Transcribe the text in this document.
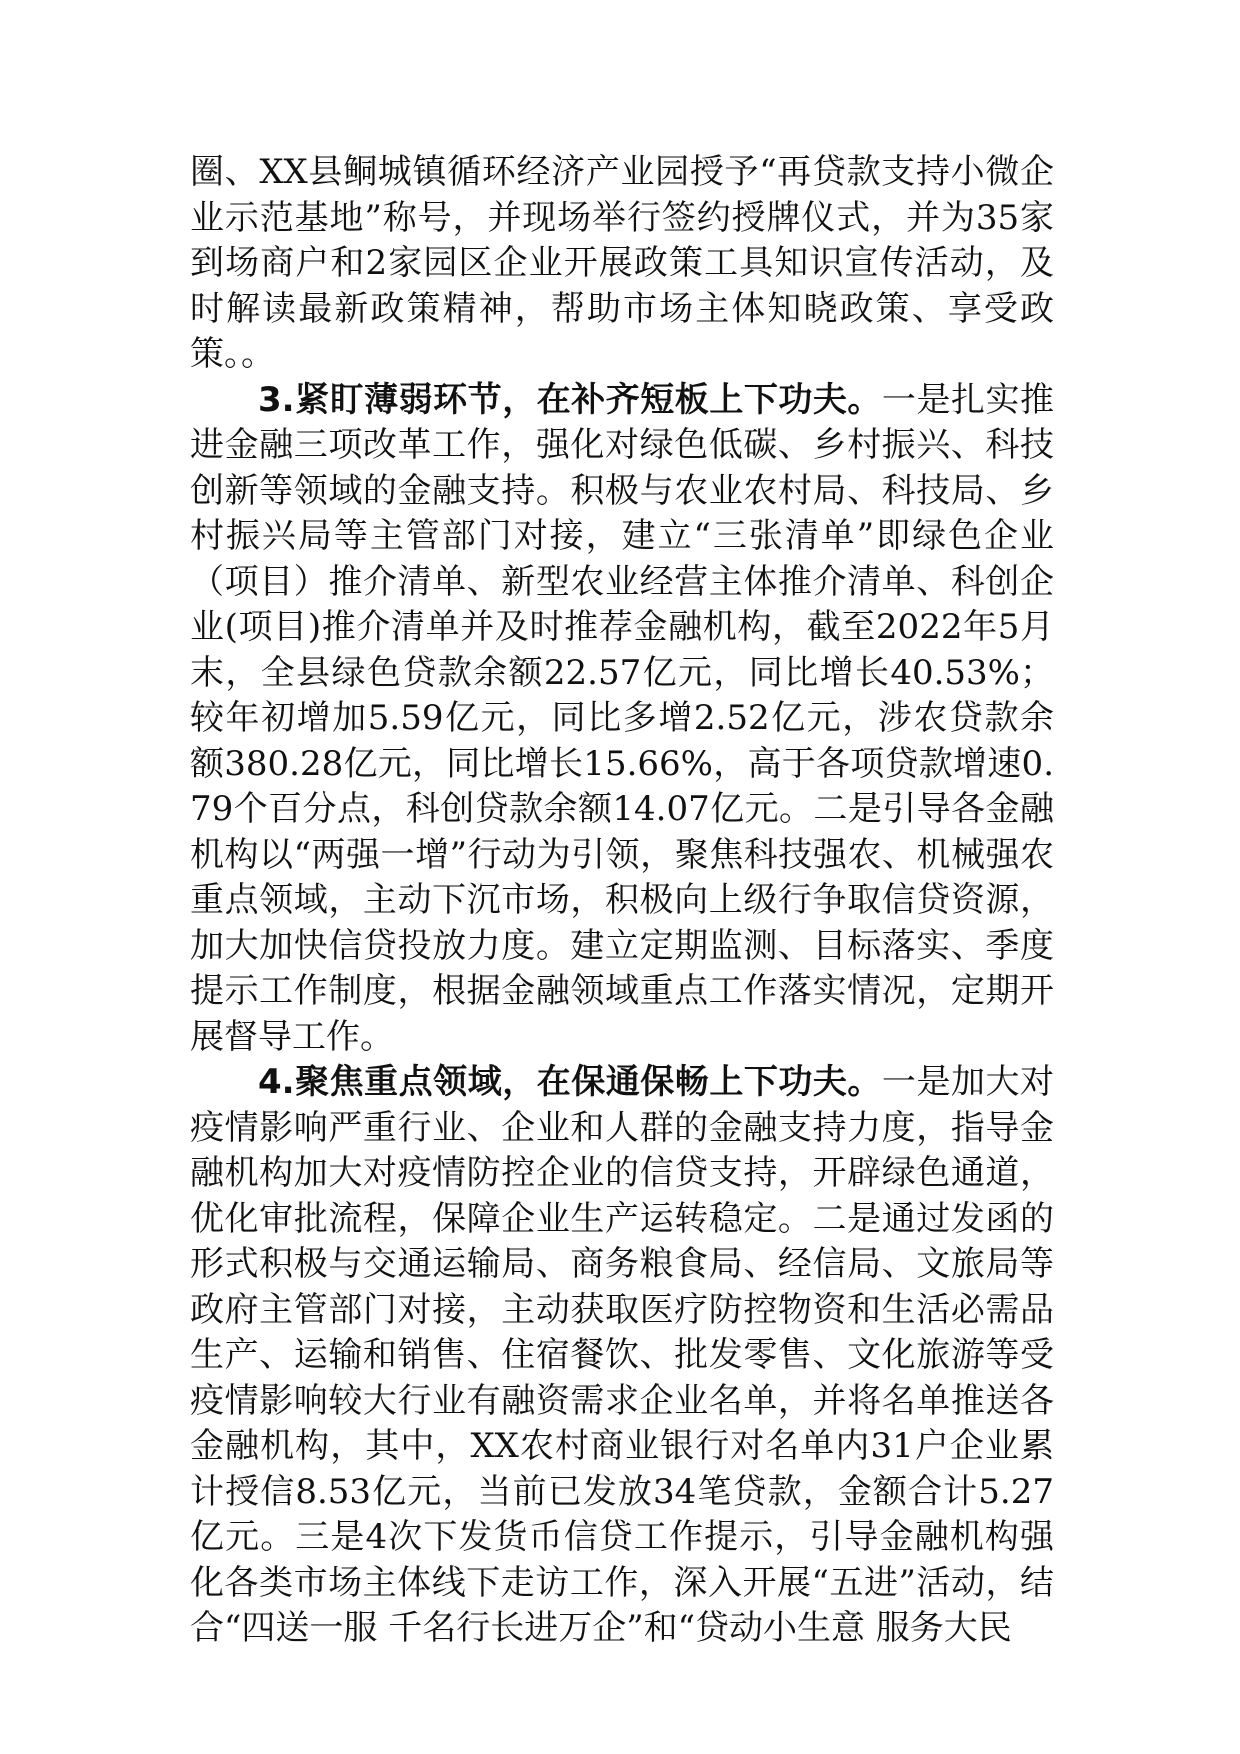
圈、XX县鲖城镇循环经济产业园授予“再贷款支持小微企业示范基地”称号，并现场举行签约授牌仪式，并为35家到场商户和2家园区企业开展政策工具知识宣传活动，及时解读最新政策精神，帮助市场主体知晓政策、享受政策。。

3.紧盯薄弱环节，在补齐短板上下功夫。一是扎实推进金融三项改革工作，强化对绿色低碳、乡村振兴、科技创新等领域的金融支持。积极与农业农村局、科技局、乡村振兴局等主管部门对接，建立“三张清单”即绿色企业（项目）推介清单、新型农业经营主体推介清单、科创企业(项目)推介清单并及时推荐金融机构，截至2022年5月末，全县绿色贷款余额22.57亿元，同比增长40.53%；较年初增加5.59亿元，同比多增2.52亿元，涉农贷款余额380.28亿元，同比增长15.66%，高于各项贷款增速0.79个百分点，科创贷款余额14.07亿元。二是引导各金融机构以“两强一增”行动为引领，聚焦科技强农、机械强农重点领域，主动下沉市场，积极向上级行争取信贷资源，加大加快信贷投放力度。建立定期监测、目标落实、季度提示工作制度，根据金融领域重点工作落实情况，定期开展督导工作。

4.聚焦重点领域，在保通保畅上下功夫。一是加大对疫情影响严重行业、企业和人群的金融支持力度，指导金融机构加大对疫情防控企业的信贷支持，开辟绿色通道，优化审批流程，保障企业生产运转稳定。二是通过发函的形式积极与交通运输局、商务粮食局、经信局、文旅局等政府主管部门对接，主动获取医疗防控物资和生活必需品生产、运输和销售、住宿餐饮、批发零售、文化旅游等受疫情影响较大行业有融资需求企业名单，并将名单推送各金融机构，其中，XX农村商业银行对名单内31户企业累计授信8.53亿元，当前已发放34笔贷款，金额合计5.27亿元。三是4次下发货币信贷工作提示，引导金融机构强化各类市场主体线下走访工作，深入开展“五进”活动，结合“四送一服 千名行长进万企”和“贷动小生意 服务大民
